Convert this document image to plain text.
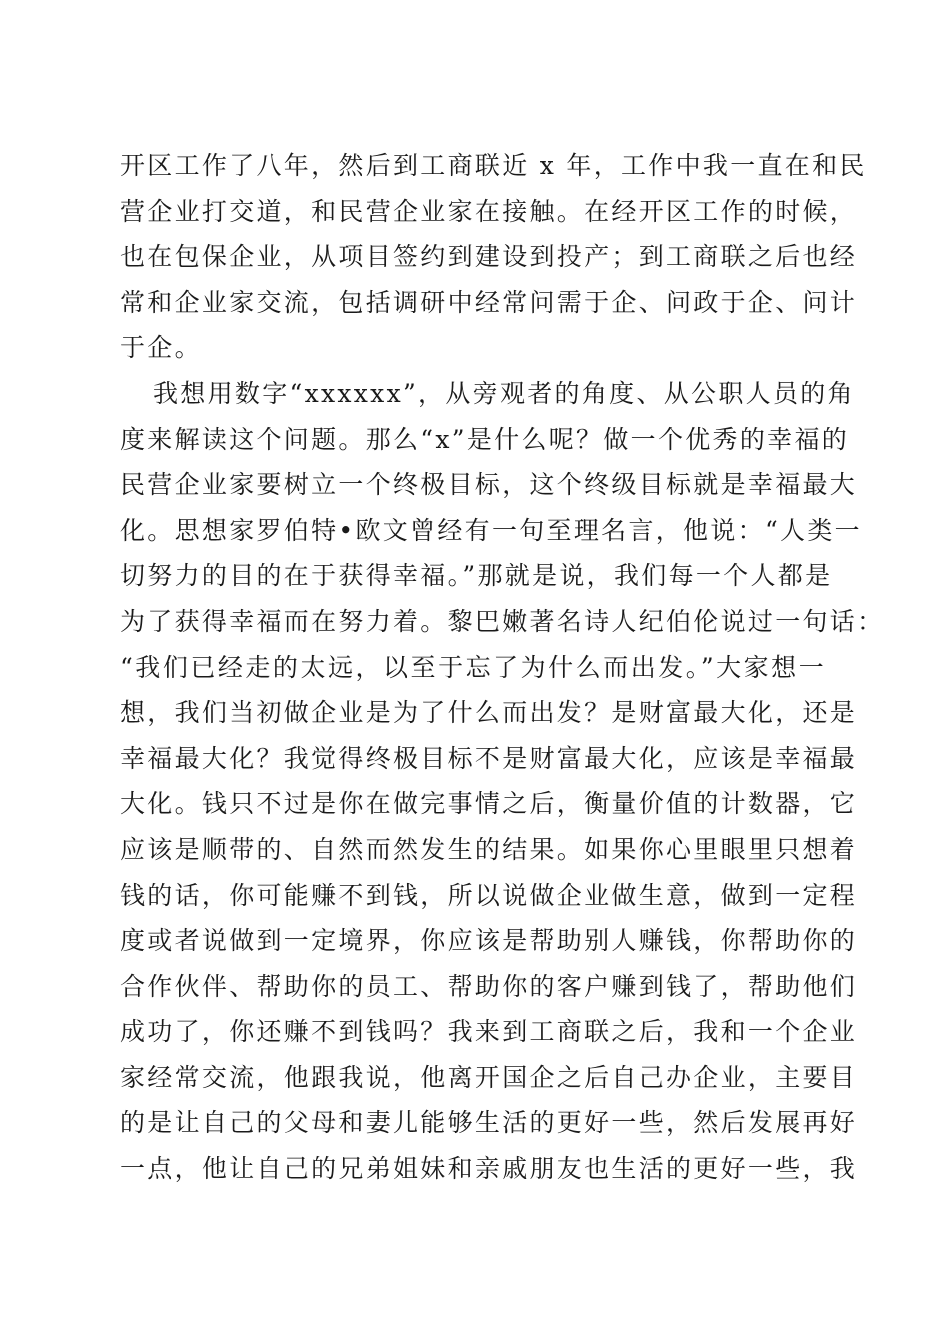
开区工作了八年，然后到工商联近 x 年，工作中我一直在和民
营企业打交道，和民营企业家在接触。在经开区工作的时候，
也在包保企业，从项目签约到建设到投产；到工商联之后也经
常和企业家交流，包括调研中经常问需于企、问政于企、问计
于企。
我想用数字“xxxxxx”，从旁观者的角度、从公职人员的角
度来解读这个问题。那么“x”是什么呢？做一个优秀的幸福的
民营企业家要树立一个终极目标，这个终级目标就是幸福最大
化。思想家罗伯特•欧文曾经有一句至理名言，他说：“人类一
切努力的目的在于获得幸福。”那就是说，我们每一个人都是
为了获得幸福而在努力着。黎巴嫩著名诗人纪伯伦说过一句话：
“我们已经走的太远，以至于忘了为什么而出发。”大家想一
想，我们当初做企业是为了什么而出发？是财富最大化，还是
幸福最大化？我觉得终极目标不是财富最大化，应该是幸福最
大化。钱只不过是你在做完事情之后，衡量价值的计数器，它
应该是顺带的、自然而然发生的结果。如果你心里眼里只想着
钱的话，你可能赚不到钱，所以说做企业做生意，做到一定程
度或者说做到一定境界，你应该是帮助别人赚钱，你帮助你的
合作伙伴、帮助你的员工、帮助你的客户赚到钱了，帮助他们
成功了，你还赚不到钱吗？我来到工商联之后，我和一个企业
家经常交流，他跟我说，他离开国企之后自己办企业，主要目
的是让自己的父母和妻儿能够生活的更好一些，然后发展再好
一点，他让自己的兄弟姐妹和亲戚朋友也生活的更好一些，我
